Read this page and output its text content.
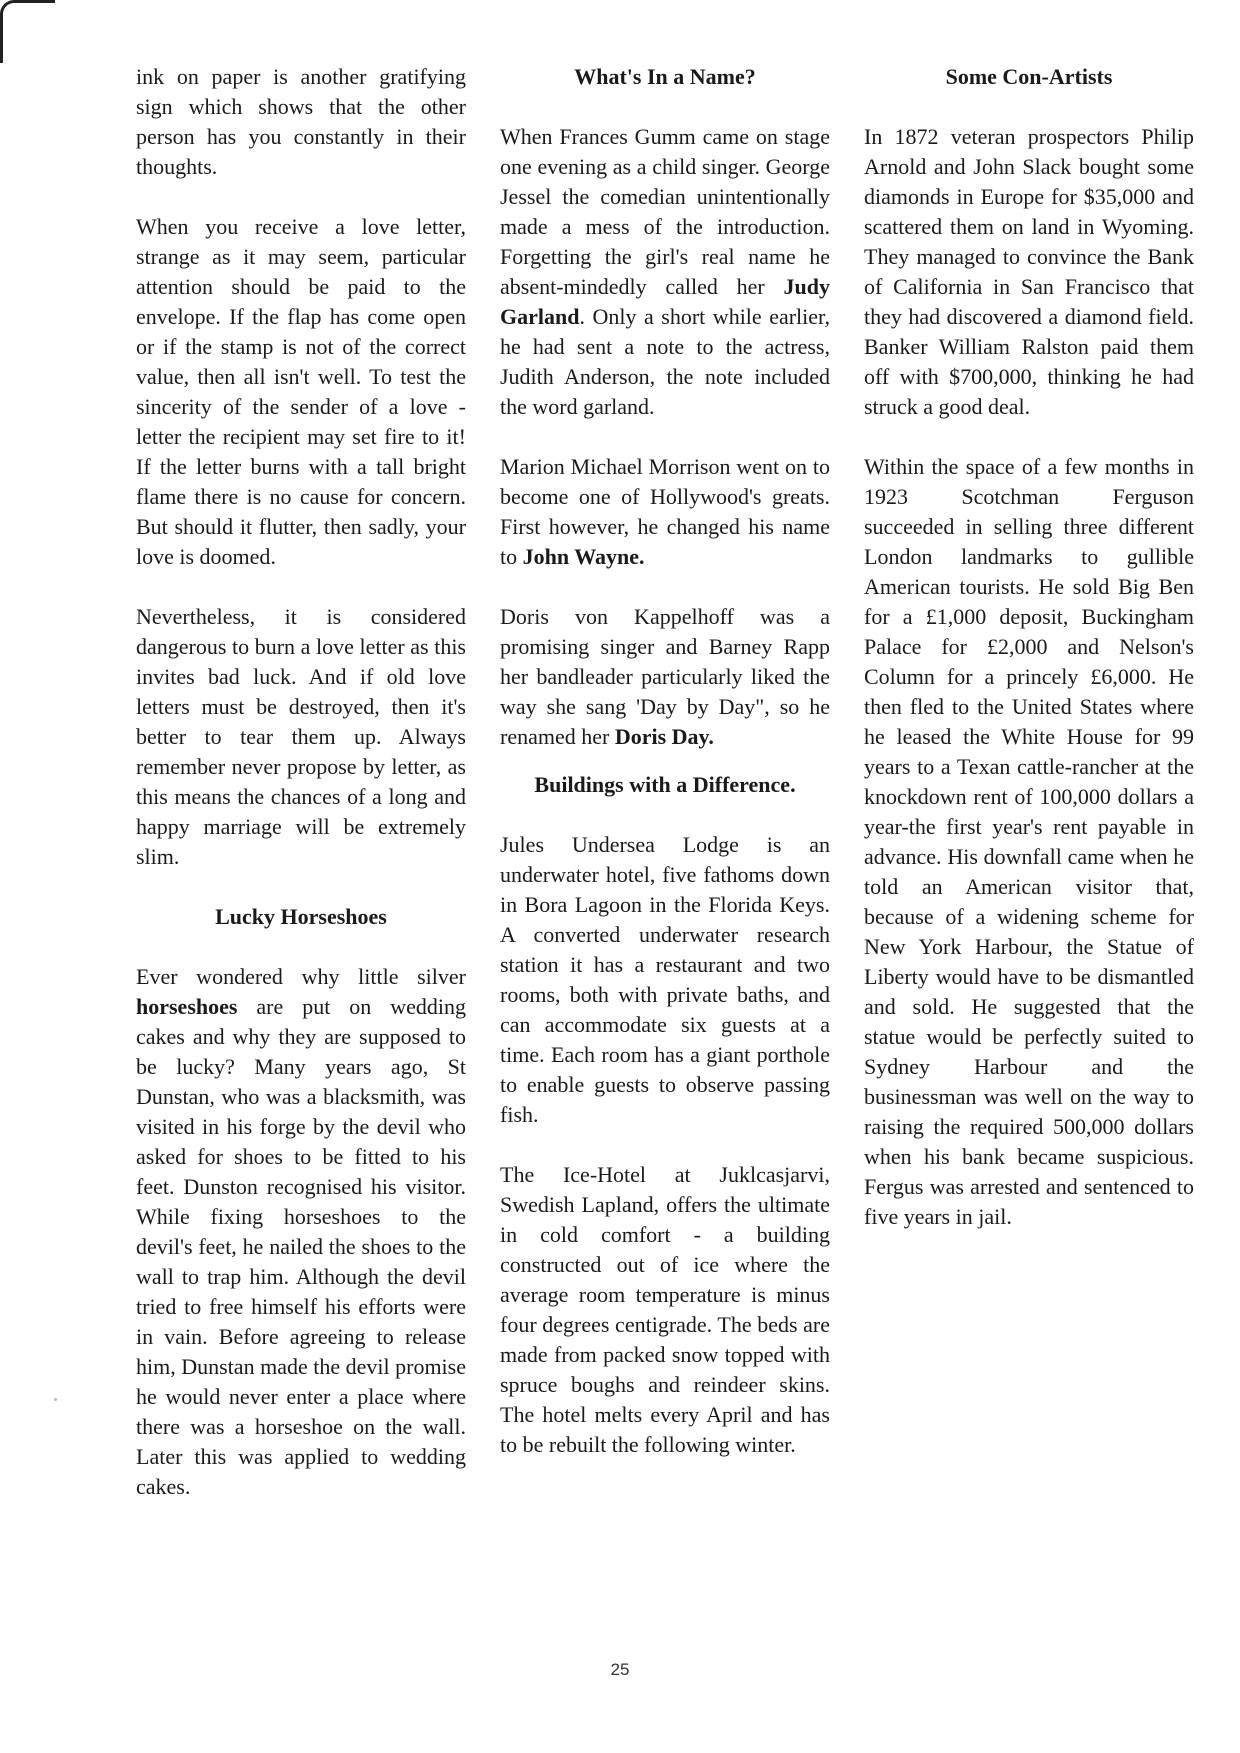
ink on paper is another gratifying sign which shows that the other person has you constantly in their thoughts.

When you receive a love letter, strange as it may seem, particular attention should be paid to the envelope. If the flap has come open or if the stamp is not of the correct value, then all isn't well. To test the sincerity of the sender of a love -letter the recipient may set fire to it! If the letter burns with a tall bright flame there is no cause for concern. But should it flutter, then sadly, your love is doomed.

Nevertheless, it is considered dangerous to burn a love letter as this invites bad luck. And if old love letters must be destroyed, then it's better to tear them up. Always remember never propose by letter, as this means the chances of a long and happy marriage will be extremely slim.

Lucky Horseshoes

Ever wondered why little silver horseshoes are put on wedding cakes and why they are supposed to be lucky? Many years ago, St Dunstan, who was a blacksmith, was visited in his forge by the devil who asked for shoes to be fitted to his feet. Dunston recognised his visitor. While fixing horseshoes to the devil's feet, he nailed the shoes to the wall to trap him. Although the devil tried to free himself his efforts were in vain. Before agreeing to release him, Dunstan made the devil promise he would never enter a place where there was a horseshoe on the wall. Later this was applied to wedding cakes.

What's In a Name?

When Frances Gumm came on stage one evening as a child singer. George Jessel the comedian unintentionally made a mess of the introduction. Forgetting the girl's real name he absent-mindedly called her Judy Garland. Only a short while earlier, he had sent a note to the actress, Judith Anderson, the note included the word garland.

Marion Michael Morrison went on to become one of Hollywood's greats. First however, he changed his name to John Wayne.

Doris von Kappelhoff was a promising singer and Barney Rapp her bandleader particularly liked the way she sang 'Day by Day", so he renamed her Doris Day.

Buildings with a Difference.

Jules Undersea Lodge is an underwater hotel, five fathoms down in Bora Lagoon in the Florida Keys. A converted underwater research station it has a restaurant and two rooms, both with private baths, and can accommodate six guests at a time. Each room has a giant porthole to enable guests to observe passing fish.

The Ice-Hotel at Juklcasjarvi, Swedish Lapland, offers the ultimate in cold comfort - a building constructed out of ice where the average room temperature is minus four degrees centigrade. The beds are made from packed snow topped with spruce boughs and reindeer skins. The hotel melts every April and has to be rebuilt the following winter.

Some Con-Artists

In 1872 veteran prospectors Philip Arnold and John Slack bought some diamonds in Europe for $35,000 and scattered them on land in Wyoming. They managed to convince the Bank of California in San Francisco that they had discovered a diamond field. Banker William Ralston paid them off with $700,000, thinking he had struck a good deal.

Within the space of a few months in 1923 Scotchman Ferguson succeeded in selling three different London landmarks to gullible American tourists. He sold Big Ben for a £1,000 deposit, Buckingham Palace for £2,000 and Nelson's Column for a princely £6,000. He then fled to the United States where he leased the White House for 99 years to a Texan cattle-rancher at the knockdown rent of 100,000 dollars a year-the first year's rent payable in advance. His downfall came when he told an American visitor that, because of a widening scheme for New York Harbour, the Statue of Liberty would have to be dismantled and sold. He suggested that the statue would be perfectly suited to Sydney Harbour and the businessman was well on the way to raising the required 500,000 dollars when his bank became suspicious. Fergus was arrested and sentenced to five years in jail.

25
